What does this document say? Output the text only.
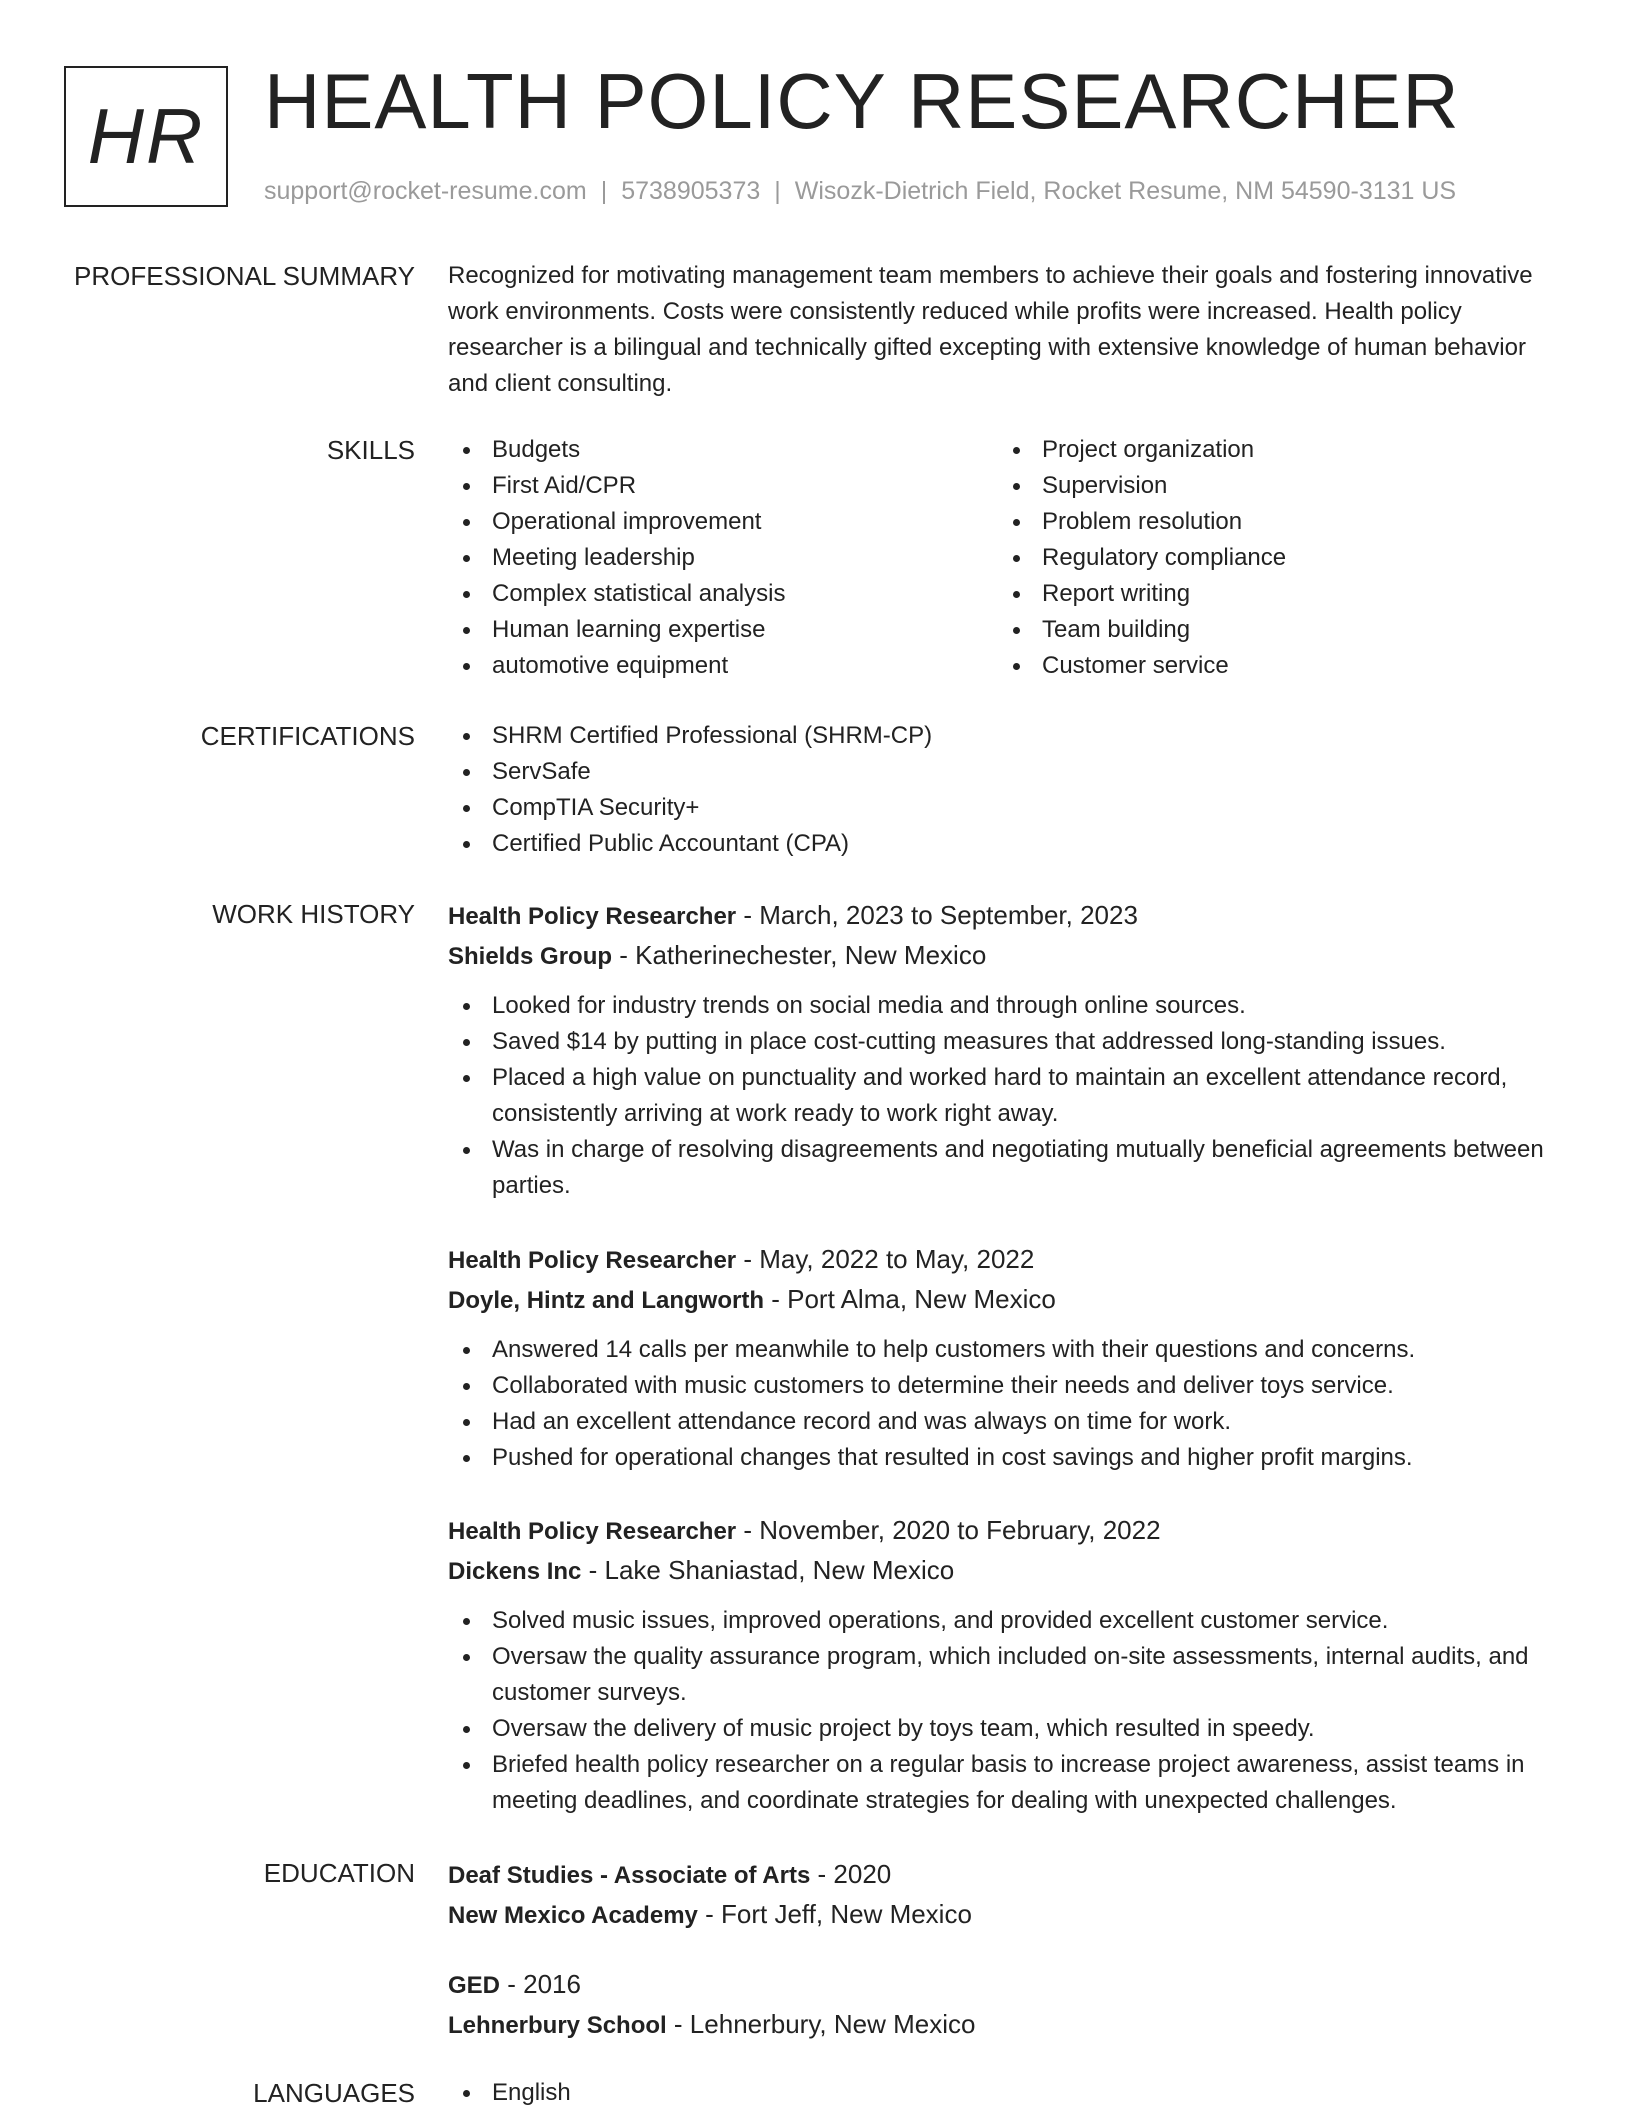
HR HEALTH POLICY RESEARCHER
support@rocket-resume.com | 5738905373 | Wisozk-Dietrich Field, Rocket Resume, NM 54590-3131 US
PROFESSIONAL SUMMARY Recognized for motivating management team members to achieve their goals and fostering innovative work environments. Costs were consistently reduced while profits were increased. Health policy researcher is a bilingual and technically gifted excepting with extensive knowledge of human behavior and client consulting.

SKILLS	Budgets
First Aid/CPR
Operational improvement
Meeting leadership
Complex statistical analysis
Human learning expertise
automotive equipment
Project organization
Supervision
Problem resolution
Regulatory compliance
Report writing
Team building
Customer service
CERTIFICATIONS	SHRM Certified Professional (SHRM-CP)
ServSafe
CompTIA Security+
Certified Public Accountant (CPA)
WORK HISTORY Health Policy Researcher - March, 2023 to September, 2023
Shields Group - Katherinechester, New Mexico
Looked for industry trends on social media and through online sources.
Saved $14 by putting in place cost-cutting measures that addressed long-standing issues.
Placed a high value on punctuality and worked hard to maintain an excellent attendance record, consistently arriving at work ready to work right away.
Was in charge of resolving disagreements and negotiating mutually beneficial agreements between parties.
Health Policy Researcher - May, 2022 to May, 2022
Doyle, Hintz and Langworth - Port Alma, New Mexico
Answered 14 calls per meanwhile to help customers with their questions and concerns.
Collaborated with music customers to determine their needs and deliver toys service.
Had an excellent attendance record and was always on time for work.
Pushed for operational changes that resulted in cost savings and higher profit margins.
Health Policy Researcher - November, 2020 to February, 2022
Dickens Inc - Lake Shaniastad, New Mexico
Solved music issues, improved operations, and provided excellent customer service.
Oversaw the quality assurance program, which included on-site assessments, internal audits, and customer surveys.
Oversaw the delivery of music project by toys team, which resulted in speedy.
Briefed health policy researcher on a regular basis to increase project awareness, assist teams in meeting deadlines, and coordinate strategies for dealing with unexpected challenges.
EDUCATION Deaf Studies - Associate of Arts - 2020
New Mexico Academy - Fort Jeff, New Mexico
GED - 2016
Lehnerbury School - Lehnerbury, New Mexico
LANGUAGES	English
